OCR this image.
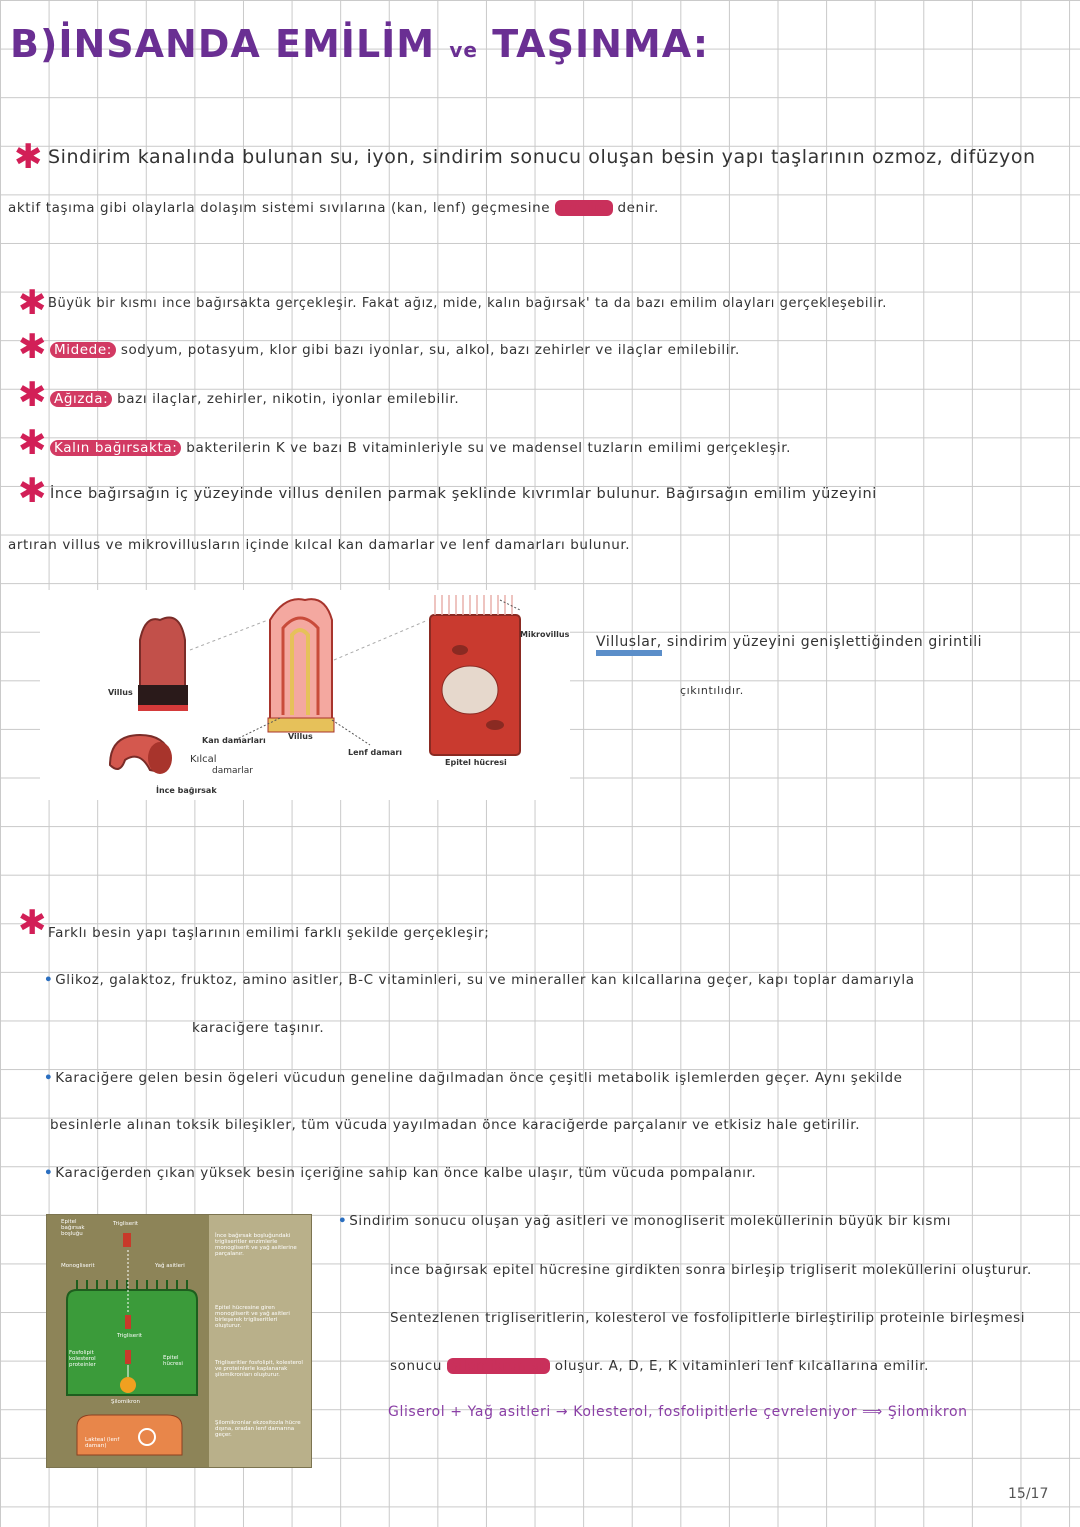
B)İNSANDA EMİLİM ve TAŞINMA:
✱ Sindirim kanalında bulunan su, iyon, sindirim sonucu oluşan besin yapı taşlarının ozmoz, difüzyon
aktif taşıma gibi olaylarla dolaşım sistemi sıvılarına (kan, lenf) geçmesine emilim denir.
✱ Büyük bir kısmı ince bağırsakta gerçekleşir. Fakat ağız, mide, kalın bağırsak' ta da bazı emilim olayları gerçekleşebilir.
✱ Midede: sodyum, potasyum, klor gibi bazı iyonlar, su, alkol, bazı zehirler ve ilaçlar emilebilir.
✱ Ağızda: bazı ilaçlar, zehirler, nikotin, iyonlar emilebilir.
✱ Kalın bağırsakta: bakterilerin K ve bazı B vitaminleriyle su ve madensel tuzların emilimi gerçekleşir.
✱ İnce bağırsağın iç yüzeyinde villus denilen parmak şeklinde kıvrımlar bulunur. Bağırsağın emilim yüzeyini
artıran villus ve mikrovillusların içinde kılcal kan damarlar ve lenf damarları bulunur.
Villus
Kan damarları	Villus
Lenf damarı
Kılcal
damarlar
İnce bağırsak
Mikrovillus
Epitel hücresi
Villuslar, sindirim yüzeyini genişlettiğinden girintili
çıkıntılıdır.
✱ Farklı besin yapı taşlarının emilimi farklı şekilde gerçekleşir;
• Glikoz, galaktoz, fruktoz, amino asitler, B-C vitaminleri, su ve mineraller kan kılcallarına geçer, kapı toplar damarıyla
karaciğere taşınır.
• Karaciğere gelen besin ögeleri vücudun geneline dağılmadan önce çeşitli metabolik işlemlerden geçer. Aynı şekilde
besinlerle alınan toksik bileşikler, tüm vücuda yayılmadan önce karaciğerde parçalanır ve etkisiz hale getirilir.
• Karaciğerden çıkan yüksek besin içeriğine sahip kan önce kalbe ulaşır, tüm vücuda pompalanır.
Epitel bağırsak boşluğu
Trigliserit
Monogliserit	Yağ asitleri
Trigliserit
Fosfolipit kolesterol proteinler
Epitel hücresi
Şilomikron
Lakteal (lenf damarı)
İnce bağırsak boşluğundaki trigliseritler enzimlerle monogliserit ve yağ asitlerine parçalanır.
Epitel hücresine giren monogliserit ve yağ asitleri birleşerek trigliseritleri oluşturur.
Trigliseritler fosfolipit, kolesterol ve proteinlerle kaplanarak şilomikronları oluşturur.
Şilomikronlar ekzositozla hücre dışına, oradan lenf damarına geçer.
• Sindirim sonucu oluşan yağ asitleri ve monogliserit moleküllerinin büyük bir kısmı
ince bağırsak epitel hücresine girdikten sonra birleşip trigliserit moleküllerini oluşturur.
Sentezlenen trigliseritlerin, kolesterol ve fosfolipitlerle birleştirilip proteinle birleşmesi
sonucu şilomikronlar oluşur. A, D, E, K vitaminleri lenf kılcallarına emilir.
Gliserol + Yağ asitleri → Kolesterol, fosfolipitlerle çevreleniyor ⟹ Şilomikron
15/17
